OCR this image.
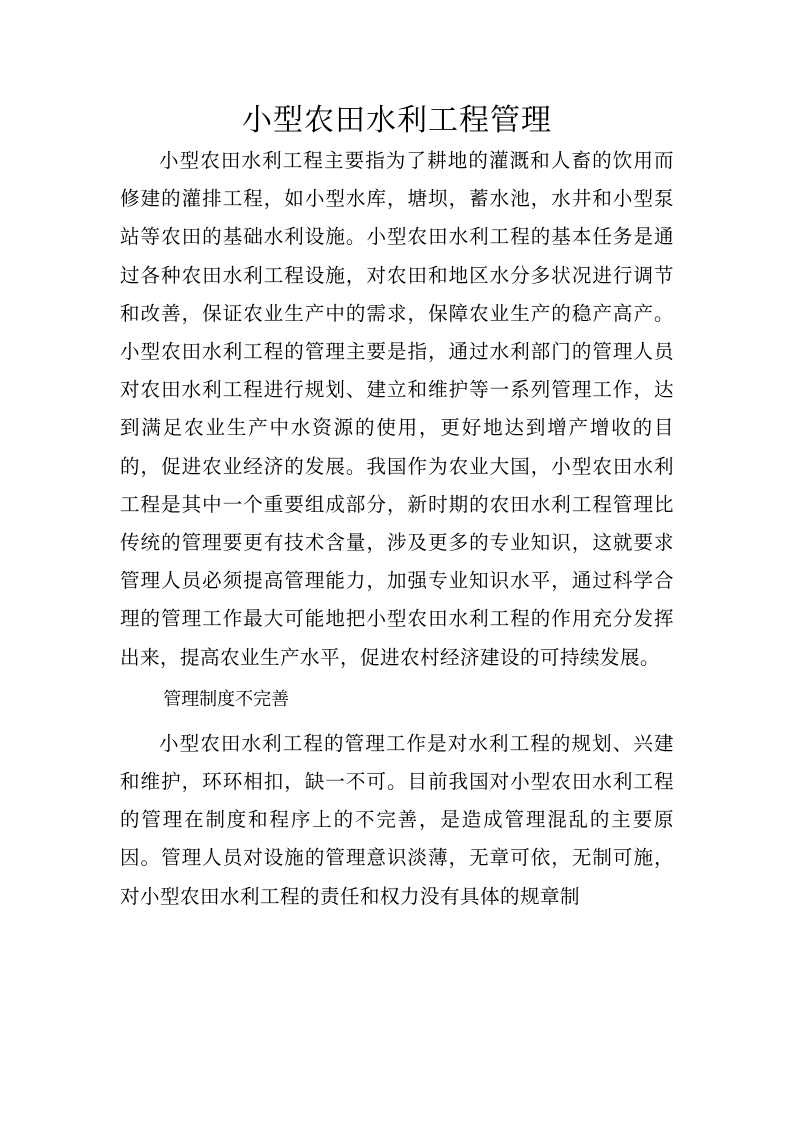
小型农田水利工程管理

小型农田水利工程主要指为了耕地的灌溉和人畜的饮用而修建的灌排工程，如小型水库，塘坝，蓄水池，水井和小型泵站等农田的基础水利设施。小型农田水利工程的基本任务是通过各种农田水利工程设施，对农田和地区水分多状况进行调节和改善，保证农业生产中的需求，保障农业生产的稳产高产。小型农田水利工程的管理主要是指，通过水利部门的管理人员对农田水利工程进行规划、建立和维护等一系列管理工作，达到满足农业生产中水资源的使用，更好地达到增产增收的目的，促进农业经济的发展。我国作为农业大国，小型农田水利工程是其中一个重要组成部分，新时期的农田水利工程管理比传统的管理要更有技术含量，涉及更多的专业知识，这就要求管理人员必须提高管理能力，加强专业知识水平，通过科学合理的管理工作最大可能地把小型农田水利工程的作用充分发挥出来，提高农业生产水平，促进农村经济建设的可持续发展。

管理制度不完善

小型农田水利工程的管理工作是对水利工程的规划、兴建和维护，环环相扣，缺一不可。目前我国对小型农田水利工程的管理在制度和程序上的不完善，是造成管理混乱的主要原因。管理人员对设施的管理意识淡薄，无章可依，无制可施，对小型农田水利工程的责任和权力没有具体的规章制
